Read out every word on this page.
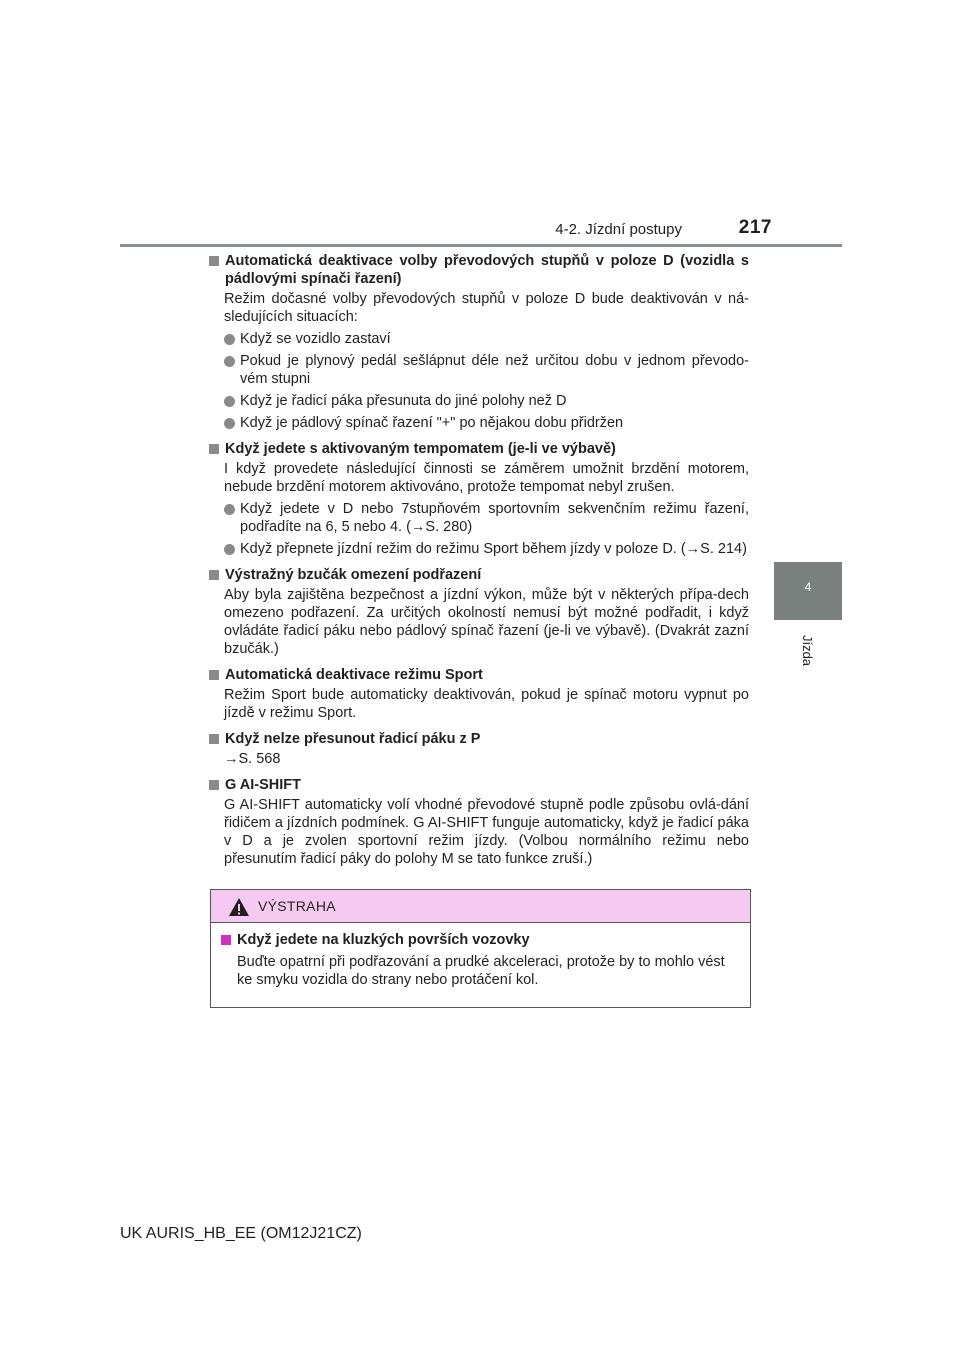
4-2. Jízdní postupy	217
4
Jízda
Automatická deaktivace volby převodových stupňů v poloze D (vozidla s pádlovými spínači řazení)
Režim dočasné volby převodových stupňů v poloze D bude deaktivován v ná-sledujících situacích:
Když se vozidlo zastaví
Pokud je plynový pedál sešlápnut déle než určitou dobu v jednom převodo-vém stupni
Když je řadicí páka přesunuta do jiné polohy než D
Když je pádlový spínač řazení "+" po nějakou dobu přidržen
Když jedete s aktivovaným tempomatem (je-li ve výbavě)
I když provedete následující činnosti se záměrem umožnit brzdění motorem, nebude brzdění motorem aktivováno, protože tempomat nebyl zrušen.
Když jedete v D nebo 7stupňovém sportovním sekvenčním režimu řazení, podřadíte na 6, 5 nebo 4. (→S. 280)
Když přepnete jízdní režim do režimu Sport během jízdy v poloze D. (→S. 214)
Výstražný bzučák omezení podřazení
Aby byla zajištěna bezpečnost a jízdní výkon, může být v některých přípa-dech omezeno podřazení. Za určitých okolností nemusí být možné podřadit, i když ovládáte řadicí páku nebo pádlový spínač řazení (je-li ve výbavě). (Dvakrát zazní bzučák.)
Automatická deaktivace režimu Sport
Režim Sport bude automaticky deaktivován, pokud je spínač motoru vypnut po jízdě v režimu Sport.
Když nelze přesunout řadicí páku z P
→S. 568
G AI-SHIFT
G AI-SHIFT automaticky volí vhodné převodové stupně podle způsobu ovlá-dání řidičem a jízdních podmínek. G AI-SHIFT funguje automaticky, když je řadicí páka v D a je zvolen sportovní režim jízdy. (Volbou normálního režimu nebo přesunutím řadicí páky do polohy M se tato funkce zruší.)
VÝSTRAHA
Když jedete na kluzkých površích vozovky
Buďte opatrní při podřazování a prudké akceleraci, protože by to mohlo vést ke smyku vozidla do strany nebo protáčení kol.
UK AURIS_HB_EE (OM12J21CZ)
